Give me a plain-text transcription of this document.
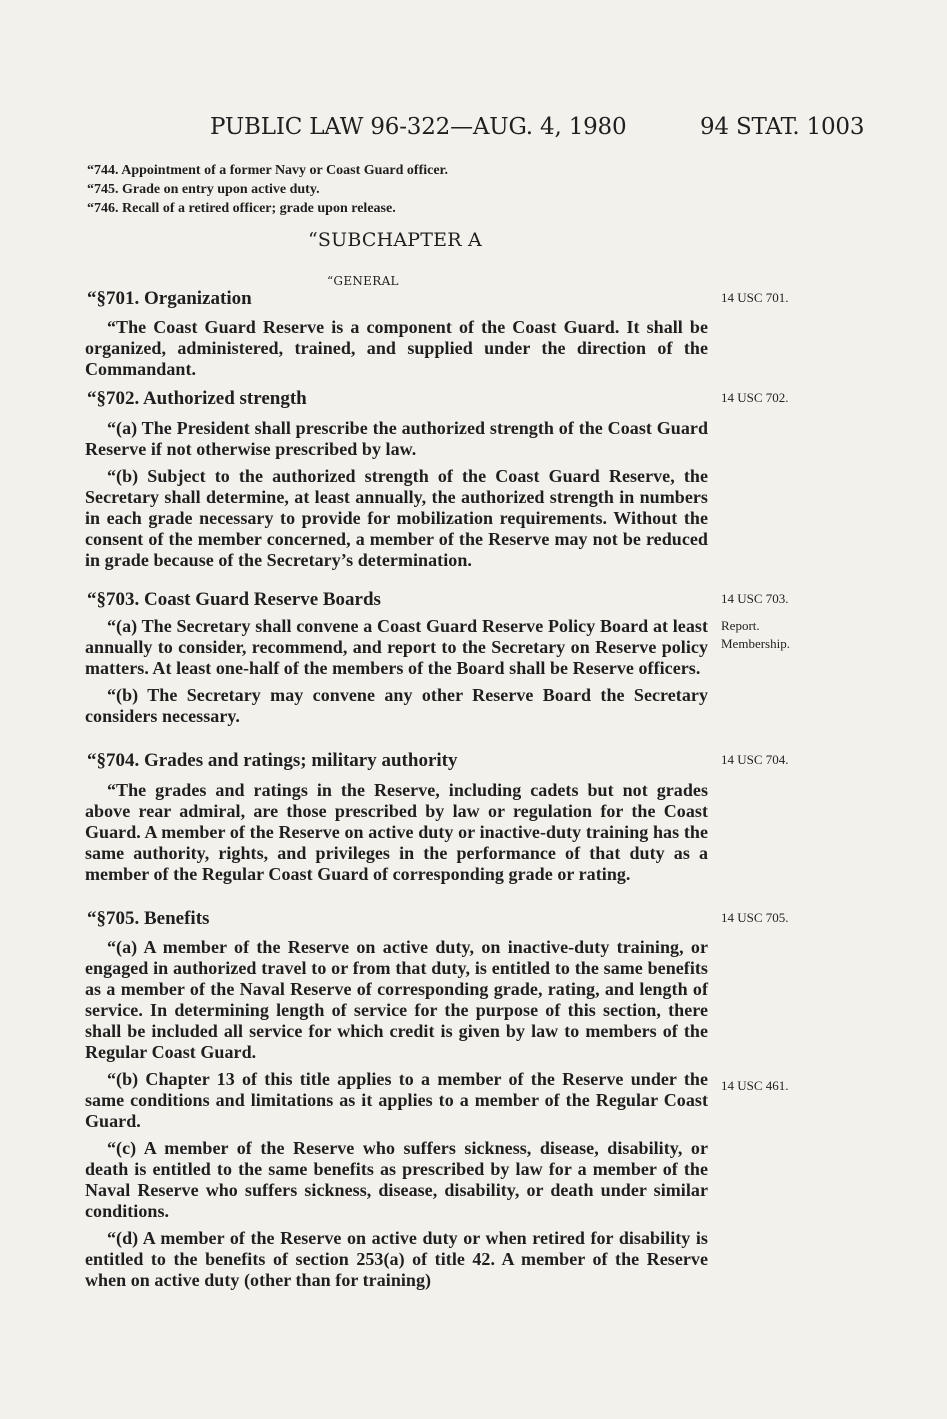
PUBLIC LAW 96-322—AUG. 4, 1980	94 STAT. 1003
“744. Appointment of a former Navy or Coast Guard officer.
“745. Grade on entry upon active duty.
“746. Recall of a retired officer; grade upon release.
“SUBCHAPTER A
“GENERAL
“§701. Organization

“The Coast Guard Reserve is a component of the Coast Guard. It shall be organized, administered, trained, and supplied under the direction of the Commandant.

“§702. Authorized strength

“(a) The President shall prescribe the authorized strength of the Coast Guard Reserve if not otherwise prescribed by law.

“(b) Subject to the authorized strength of the Coast Guard Reserve, the Secretary shall determine, at least annually, the authorized strength in numbers in each grade necessary to provide for mobilization requirements. Without the consent of the member concerned, a member of the Reserve may not be reduced in grade because of the Secretary’s determination.

“§703. Coast Guard Reserve Boards

“(a) The Secretary shall convene a Coast Guard Reserve Policy Board at least annually to consider, recommend, and report to the Secretary on Reserve policy matters. At least one-half of the members of the Board shall be Reserve officers.

“(b) The Secretary may convene any other Reserve Board the Secretary considers necessary.

“§704. Grades and ratings; military authority

“The grades and ratings in the Reserve, including cadets but not grades above rear admiral, are those prescribed by law or regulation for the Coast Guard. A member of the Reserve on active duty or inactive-duty training has the same authority, rights, and privileges in the performance of that duty as a member of the Regular Coast Guard of corresponding grade or rating.

“§705. Benefits

“(a) A member of the Reserve on active duty, on inactive-duty training, or engaged in authorized travel to or from that duty, is entitled to the same benefits as a member of the Naval Reserve of corresponding grade, rating, and length of service. In determining length of service for the purpose of this section, there shall be included all service for which credit is given by law to members of the Regular Coast Guard.

“(b) Chapter 13 of this title applies to a member of the Reserve under the same conditions and limitations as it applies to a member of the Regular Coast Guard.

“(c) A member of the Reserve who suffers sickness, disease, disability, or death is entitled to the same benefits as prescribed by law for a member of the Naval Reserve who suffers sickness, disease, disability, or death under similar conditions.

“(d) A member of the Reserve on active duty or when retired for disability is entitled to the benefits of section 253(a) of title 42. A member of the Reserve when on active duty (other than for training)

14 USC 701.
14 USC 702.
14 USC 703.
Report.
Membership.
14 USC 704.
14 USC 705.
14 USC 461.
